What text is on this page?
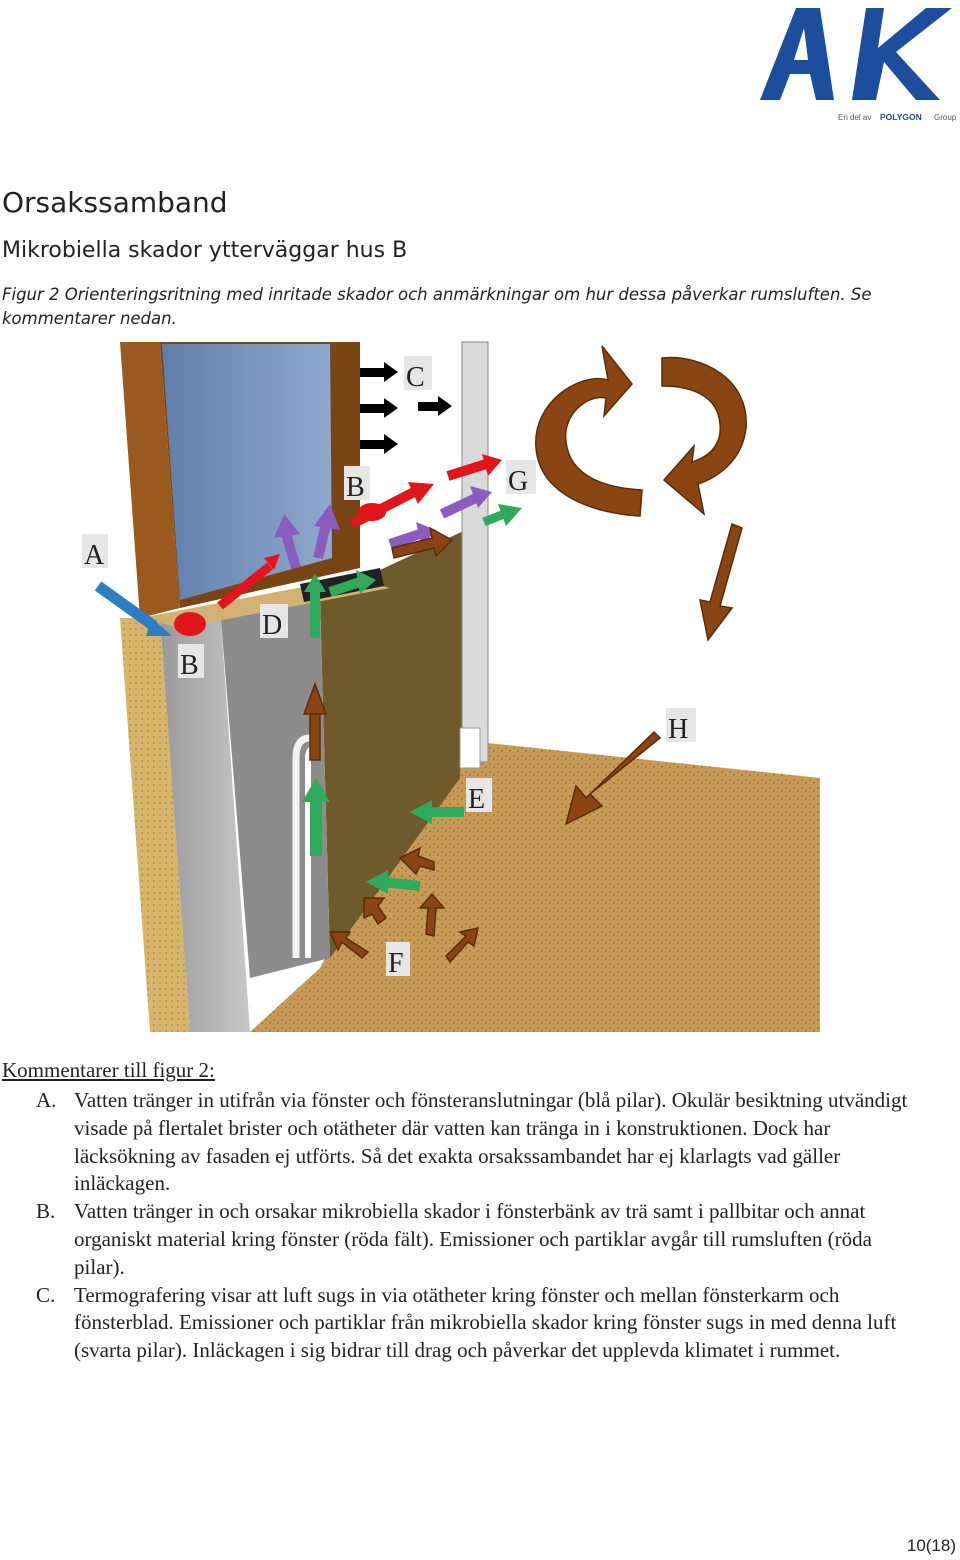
En del av POLYGON Group
Orsakssamband
Mikrobiella skador ytterväggar hus B
Figur 2 Orienteringsritning med inritade skador och anmärkningar om hur dessa påverkar rumsluften. Se kommentarer nedan.
A
B
B
C
D
E
F
G
H
Kommentarer till figur 2:
A. Vatten tränger in utifrån via fönster och fönsteranslutningar (blå pilar). Okulär besiktning utvändigt visade på flertalet brister och otätheter där vatten kan tränga in i konstruktionen. Dock har läcksökning av fasaden ej utförts. Så det exakta orsakssambandet har ej klarlagts vad gäller inläckagen.
B. Vatten tränger in och orsakar mikrobiella skador i fönsterbänk av trä samt i pallbitar och annat organiskt material kring fönster (röda fält). Emissioner och partiklar avgår till rumsluften (röda pilar).
C. Termografering visar att luft sugs in via otätheter kring fönster och mellan fönsterkarm och fönsterblad. Emissioner och partiklar från mikrobiella skador kring fönster sugs in med denna luft (svarta pilar). Inläckagen i sig bidrar till drag och påverkar det upplevda klimatet i rummet.
10(18)
